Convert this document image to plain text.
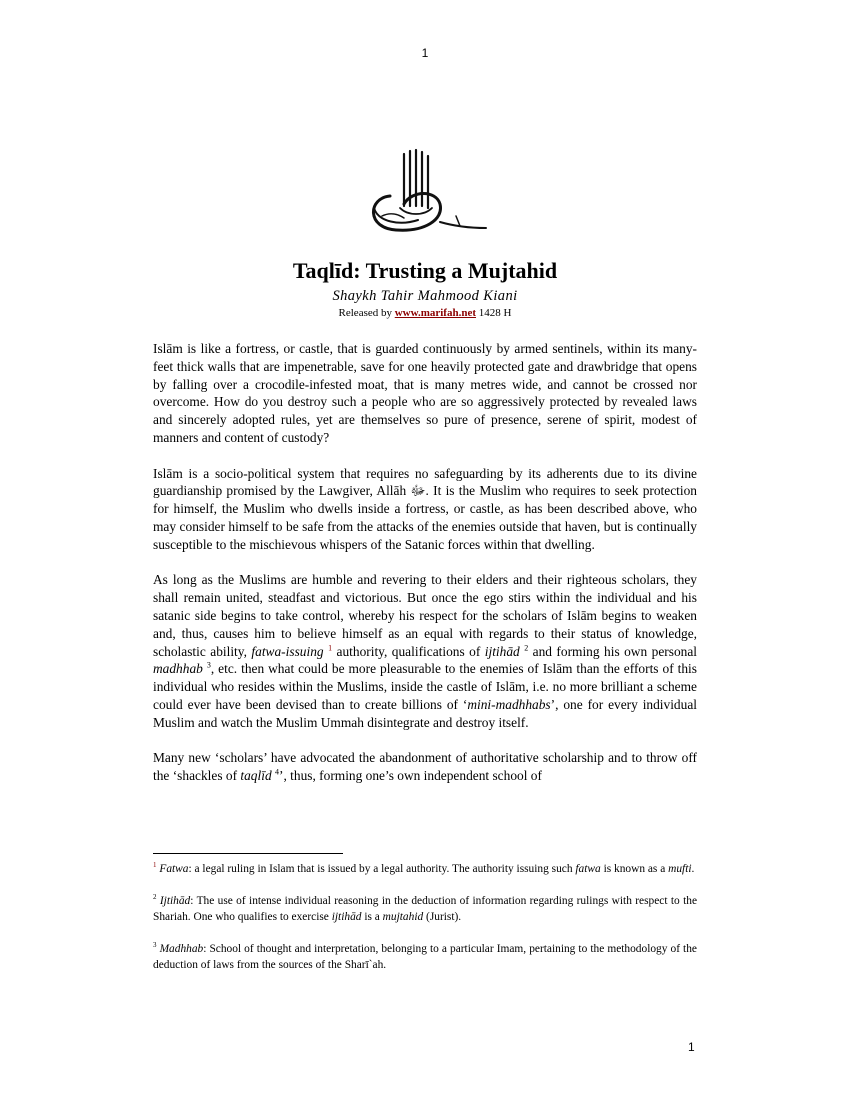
1
Taqlīd: Trusting a Mujtahid
Shaykh Tahir Mahmood Kiani
Released by www.marifah.net 1428 H

Islām is like a fortress, or castle, that is guarded continuously by armed sentinels, within its many-feet thick walls that are impenetrable, save for one heavily protected gate and drawbridge that opens by falling over a crocodile-infested moat, that is many metres wide, and cannot be crossed nor overcome. How do you destroy such a people who are so aggressively protected by revealed laws and sincerely adopted rules, yet are themselves so pure of presence, serene of spirit, modest of manners and content of custody?

Islām is a socio-political system that requires no safeguarding by its adherents due to its divine guardianship promised by the Lawgiver, Allāh ﷻ. It is the Muslim who requires to seek protection for himself, the Muslim who dwells inside a fortress, or castle, as has been described above, who may consider himself to be safe from the attacks of the enemies outside that haven, but is continually susceptible to the mischievous whispers of the Satanic forces within that dwelling.

As long as the Muslims are humble and revering to their elders and their righteous scholars, they shall remain united, steadfast and victorious. But once the ego stirs within the individual and his satanic side begins to take control, whereby his respect for the scholars of Islām begins to weaken and, thus, causes him to believe himself as an equal with regards to their status of knowledge, scholastic ability, fatwa-issuing $^1$ authority, qualifications of ijtihād $^2$ and forming his own personal madhhab $^3$, etc. then what could be more pleasurable to the enemies of Islām than the efforts of this individual who resides within the Muslims, inside the castle of Islām, i.e. no more brilliant a scheme could ever have been devised than to create billions of ‘mini-madhhabs’, one for every individual Muslim and watch the Muslim Ummah disintegrate and destroy itself.

Many new ‘scholars’ have advocated the abandonment of authoritative scholarship and to throw off the ‘shackles of taqlīd $^4$’, thus, forming one’s own independent school of

$^1$ Fatwa: a legal ruling in Islam that is issued by a legal authority. The authority issuing such fatwa is known as a mufti.

$^2$ Ijtihād: The use of intense individual reasoning in the deduction of information regarding rulings with respect to the Shariah. One who qualifies to exercise ijtihād is a mujtahid (Jurist).

$^3$ Madhhab: School of thought and interpretation, belonging to a particular Imam, pertaining to the methodology of the deduction of laws from the sources of the Sharī`ah.

1
